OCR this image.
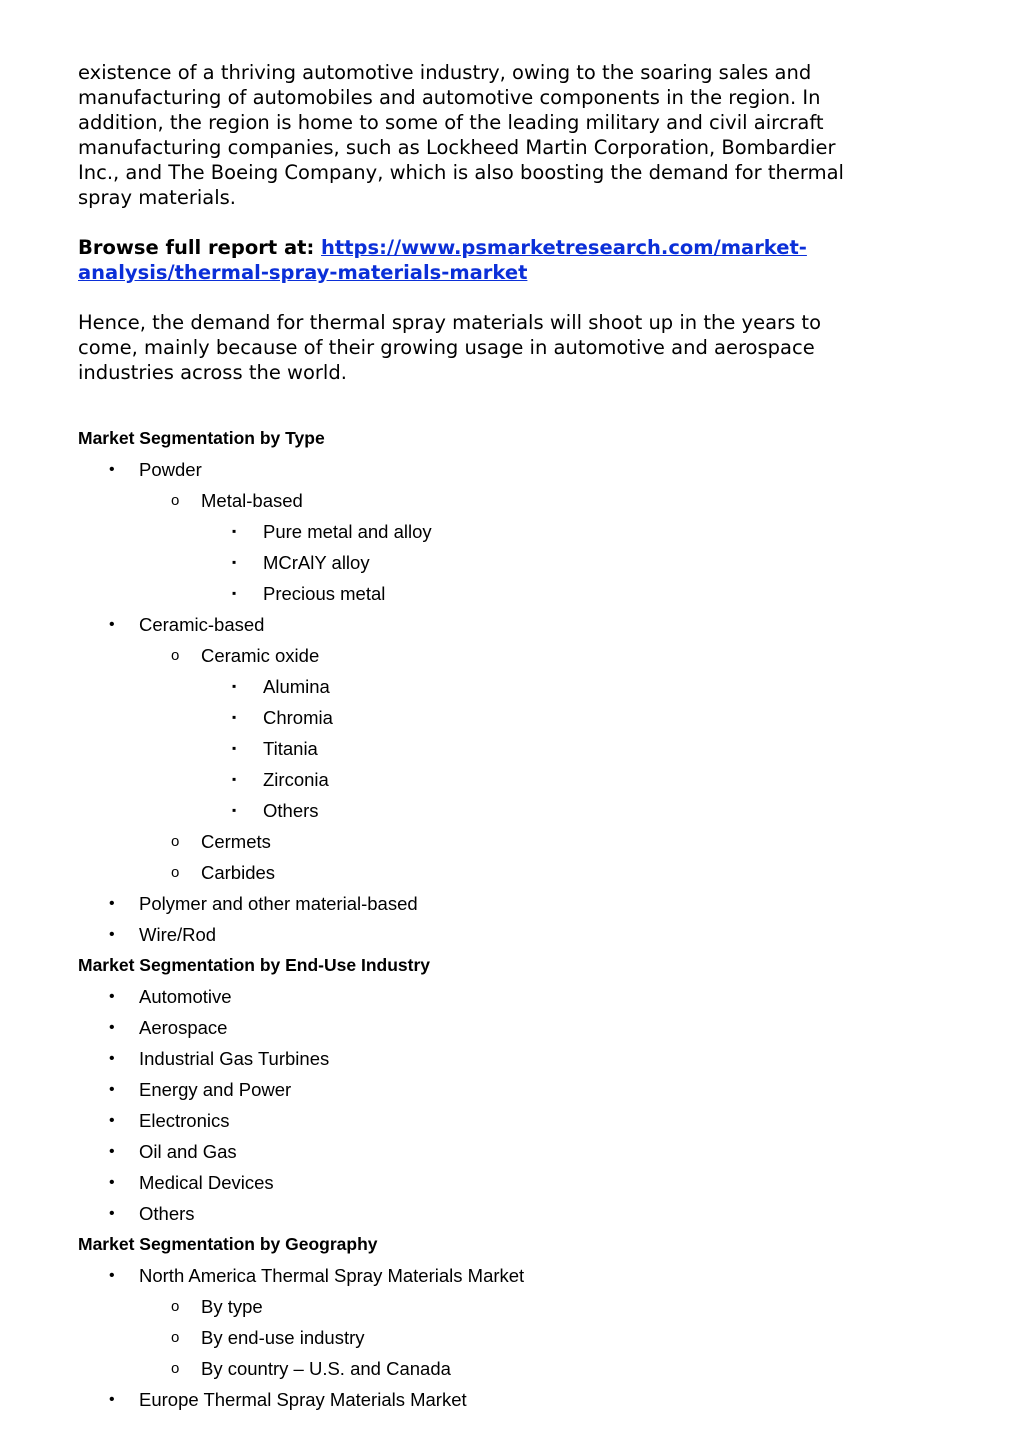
existence of a thriving automotive industry, owing to the soaring sales and
manufacturing of automobiles and automotive components in the region. In
addition, the region is home to some of the leading military and civil aircraft
manufacturing companies, such as Lockheed Martin Corporation, Bombardier
Inc., and The Boeing Company, which is also boosting the demand for thermal
spray materials.

Browse full report at: https://www.psmarketresearch.com/market-
analysis/thermal-spray-materials-market

Hence, the demand for thermal spray materials will shoot up in the years to
come, mainly because of their growing usage in automotive and aerospace
industries across the world.

Market Segmentation by Type
• Powder
o Metal-based
▪ Pure metal and alloy
▪ MCrAlY alloy
▪ Precious metal
• Ceramic-based
o Ceramic oxide
▪ Alumina
▪ Chromia
▪ Titania
▪ Zirconia
▪ Others
o Cermets
o Carbides
• Polymer and other material-based
• Wire/Rod
Market Segmentation by End-Use Industry
• Automotive
• Aerospace
• Industrial Gas Turbines
• Energy and Power
• Electronics
• Oil and Gas
• Medical Devices
• Others
Market Segmentation by Geography
• North America Thermal Spray Materials Market
o By type
o By end-use industry
o By country – U.S. and Canada
• Europe Thermal Spray Materials Market
